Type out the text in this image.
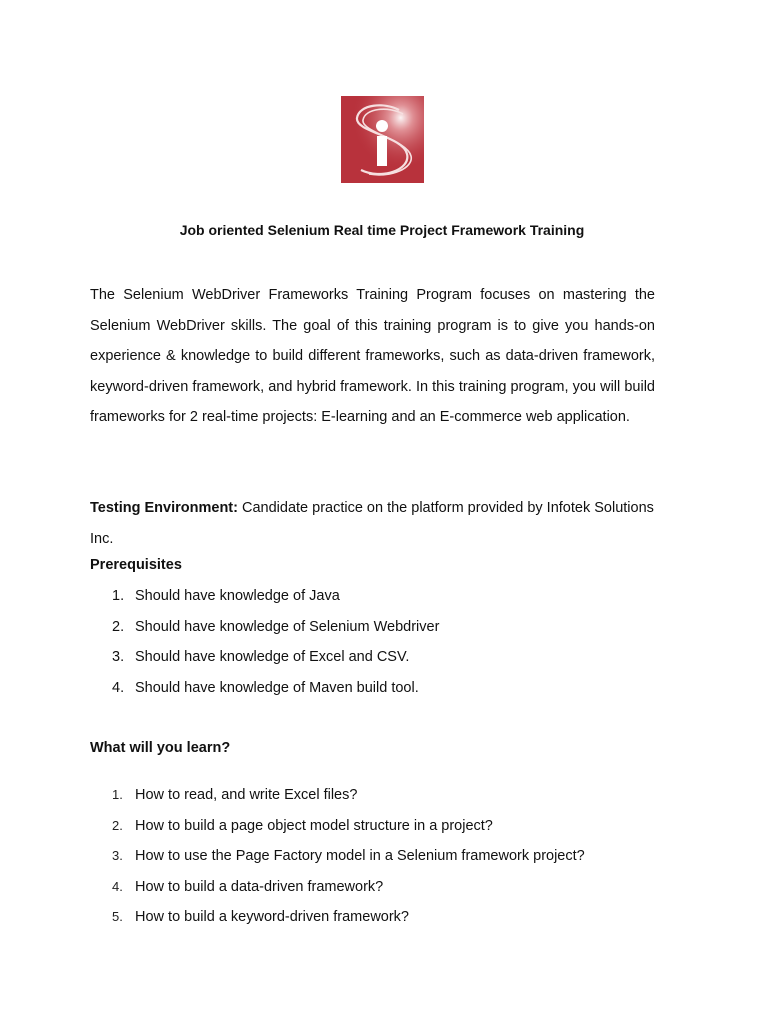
Job oriented Selenium Real time Project Framework Training

The Selenium WebDriver Frameworks Training Program focuses on mastering the Selenium WebDriver skills. The goal of this training program is to give you hands-on experience & knowledge to build different frameworks, such as data-driven framework, keyword-driven framework, and hybrid framework. In this training program, you will build frameworks for 2 real-time projects: E-learning and an E-commerce web application.

Testing Environment: Candidate practice on the platform provided by Infotek Solutions Inc.
Prerequisites
1. Should have knowledge of Java
2. Should have knowledge of Selenium Webdriver
3. Should have knowledge of Excel and CSV.
4. Should have knowledge of Maven build tool.
What will you learn?
1. How to read, and write Excel files?
2. How to build a page object model structure in a project?
3. How to use the Page Factory model in a Selenium framework project?
4. How to build a data-driven framework?
5. How to build a keyword-driven framework?
